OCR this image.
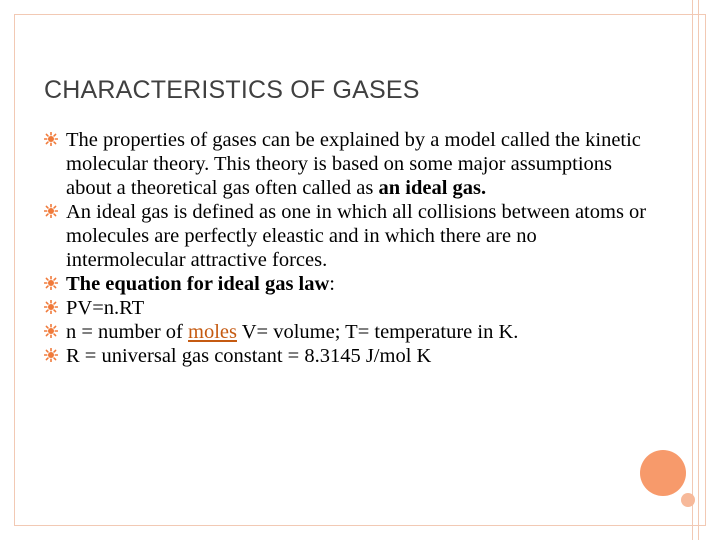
CHARACTERISTICS OF GASES
The properties of gases can be explained by a model called the kinetic molecular theory. This theory is based on some major assumptions about a theoretical gas often called as an ideal gas.
An ideal gas is defined as one in which all collisions between atoms or molecules are perfectly eleastic and in which there are no intermolecular attractive forces.
The equation for ideal gas law:
PV=n.RT
n = number of moles V= volume; T= temperature in K.
R = universal gas constant = 8.3145 J/mol K
